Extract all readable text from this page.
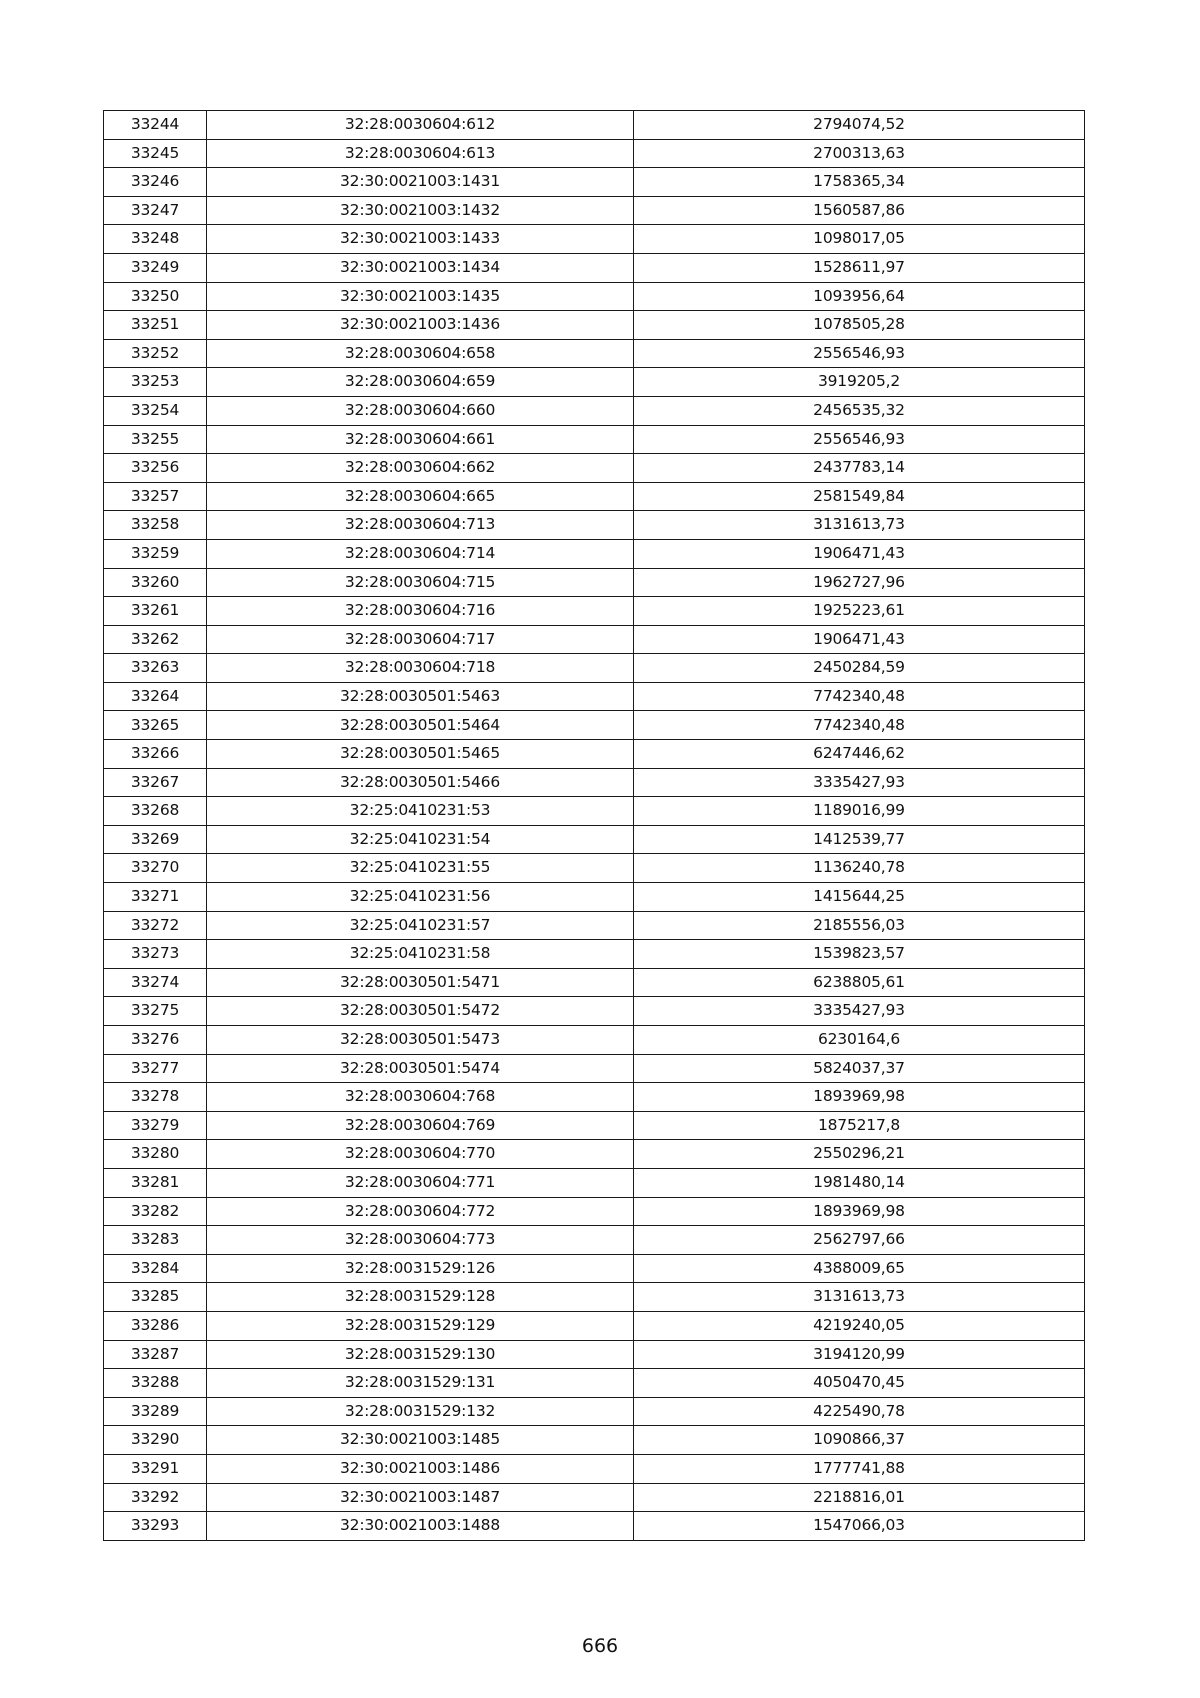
33244	32:28:0030604:612	2794074,52
33245	32:28:0030604:613	2700313,63
33246	32:30:0021003:1431	1758365,34
33247	32:30:0021003:1432	1560587,86
33248	32:30:0021003:1433	1098017,05
33249	32:30:0021003:1434	1528611,97
33250	32:30:0021003:1435	1093956,64
33251	32:30:0021003:1436	1078505,28
33252	32:28:0030604:658	2556546,93
33253	32:28:0030604:659	3919205,2
33254	32:28:0030604:660	2456535,32
33255	32:28:0030604:661	2556546,93
33256	32:28:0030604:662	2437783,14
33257	32:28:0030604:665	2581549,84
33258	32:28:0030604:713	3131613,73
33259	32:28:0030604:714	1906471,43
33260	32:28:0030604:715	1962727,96
33261	32:28:0030604:716	1925223,61
33262	32:28:0030604:717	1906471,43
33263	32:28:0030604:718	2450284,59
33264	32:28:0030501:5463	7742340,48
33265	32:28:0030501:5464	7742340,48
33266	32:28:0030501:5465	6247446,62
33267	32:28:0030501:5466	3335427,93
33268	32:25:0410231:53	1189016,99
33269	32:25:0410231:54	1412539,77
33270	32:25:0410231:55	1136240,78
33271	32:25:0410231:56	1415644,25
33272	32:25:0410231:57	2185556,03
33273	32:25:0410231:58	1539823,57
33274	32:28:0030501:5471	6238805,61
33275	32:28:0030501:5472	3335427,93
33276	32:28:0030501:5473	6230164,6
33277	32:28:0030501:5474	5824037,37
33278	32:28:0030604:768	1893969,98
33279	32:28:0030604:769	1875217,8
33280	32:28:0030604:770	2550296,21
33281	32:28:0030604:771	1981480,14
33282	32:28:0030604:772	1893969,98
33283	32:28:0030604:773	2562797,66
33284	32:28:0031529:126	4388009,65
33285	32:28:0031529:128	3131613,73
33286	32:28:0031529:129	4219240,05
33287	32:28:0031529:130	3194120,99
33288	32:28:0031529:131	4050470,45
33289	32:28:0031529:132	4225490,78
33290	32:30:0021003:1485	1090866,37
33291	32:30:0021003:1486	1777741,88
33292	32:30:0021003:1487	2218816,01
33293	32:30:0021003:1488	1547066,03
666
